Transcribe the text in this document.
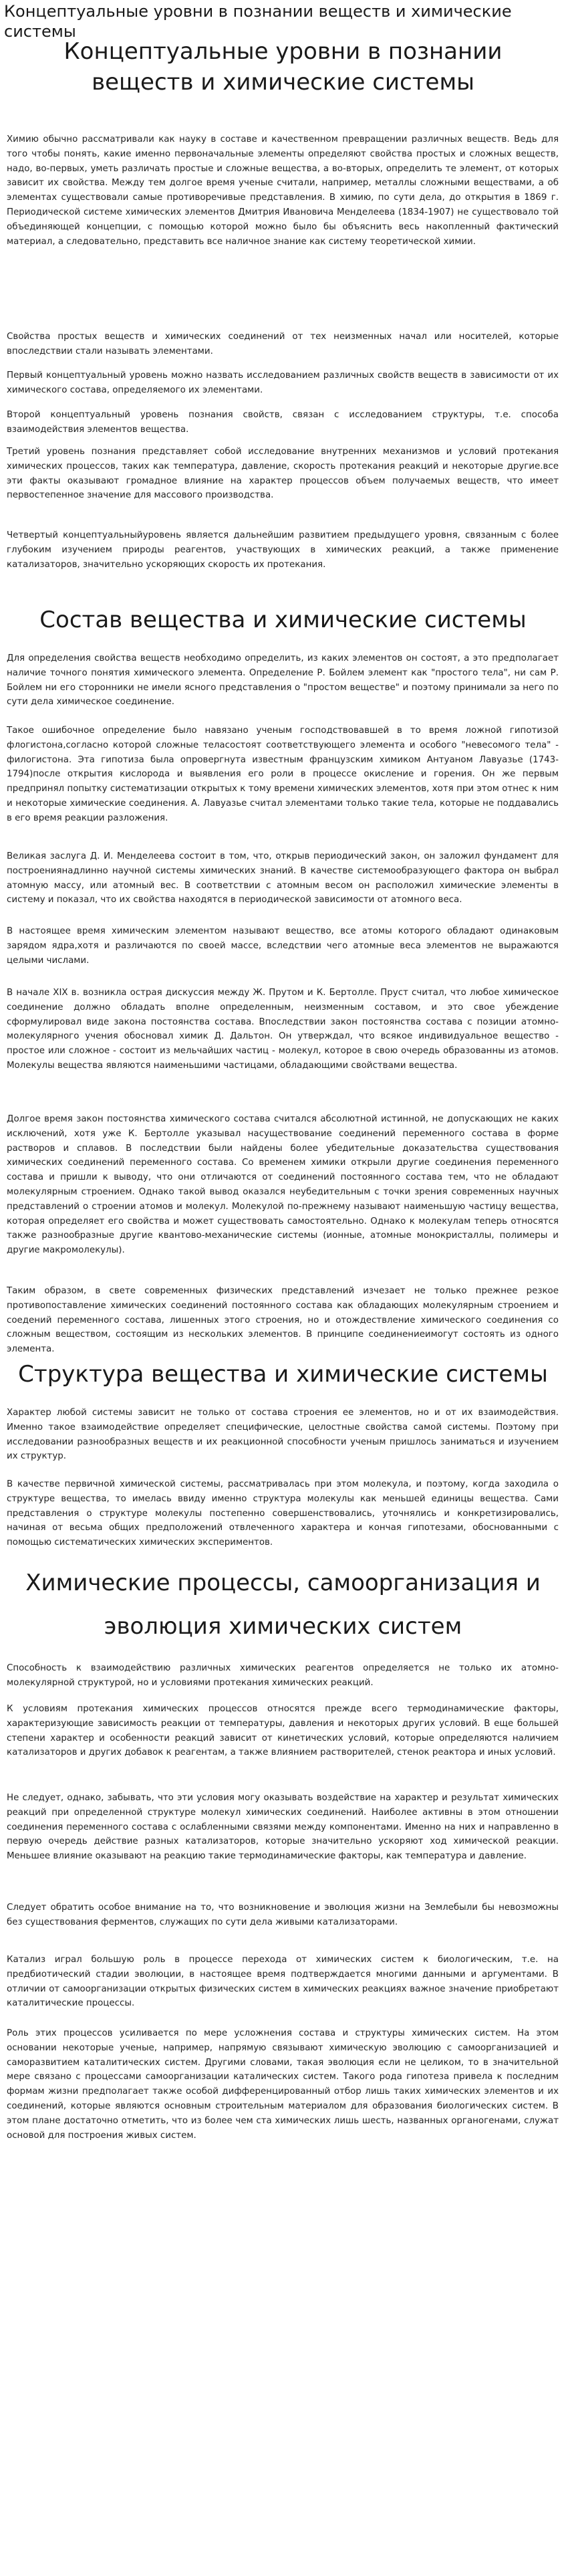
Концептуальные уровни в познании веществ и химические системы
Концептуальные уровни в познании
веществ и химические системы

Химию обычно рассматривали как науку в составе и качественном превращении различных веществ. Ведь для того чтобы понять, какие именно первоначальные элементы определяют свойства простых и сложных веществ, надо, во-первых, уметь различать простые и сложные вещества, а во-вторых, определить те элемент, от которых зависит их свойства. Между тем долгое время ученые считали, например, металлы сложными веществами, а об элементах существовали самые противоречивые представления. В химию, по сути дела, до открытия в 1869 г. Периодической системе химических элементов Дмитрия Ивановича Менделеева (1834-1907) не существовало той объединяющей концепции, с помощью которой можно было бы объяснить весь накопленный фактический материал, а следовательно, представить все наличное знание как систему теоретической химии.

Свойства простых веществ и химических соединений от тех неизменных начал или носителей, которые впоследствии стали называть элементами.

Первый концептуальный уровень можно назвать исследованием различных свойств веществ в зависимости от их химического состава, определяемого их элементами.

Второй концептуальный уровень познания свойств, связан с исследованием структуры, т.е. способа взаимодействия элементов вещества.

Третий уровень познания представляет собой исследование внутренних механизмов и условий протекания химических процессов, таких как температура, давление, скорость протекания реакций и некоторые другие.все эти факты оказывают громадное влияние на характер процессов объем получаемых веществ, что имеет первостепенное значение для массового производства.

Четвертый концептуальныйуровень является дальнейшим развитием предыдущего уровня, связанным с более глубоким изучением природы реагентов, участвующих в химических реакций, а также применение катализаторов, значительно ускоряющих скорость их протекания.

Состав вещества и химические системы

Для определения свойства веществ необходимо определить, из каких элементов он состоят, а это предполагает наличие точного понятия химического элемента. Определение Р. Бойлем элемент как "простого тела", ни сам Р. Бойлем ни его сторонники не имели ясного представления о "простом веществе" и поэтому принимали за него по сути дела химическое соединение.

Такое ошибочное определение было навязано ученым господствовавшей в то время ложной гипотизой флогистона,согласно которой сложные телаcостоят соответствующего элемента и особого "невесомого тела" - филогистона. Эта гипотиза была опровергнута известным французским химиком Антуаном Лавуазье (1743-1794)после открытия кислорода и выявления его роли в процессе окисление и горения. Он же первым предпринял попытку систематизации открытых к тому времени химических элементов, хотя при этом отнес к ним и некоторые химические соединения. А. Лавуазье считал элементами только такие тела, которые не поддавались в его время реакции разложения.

Великая заслуга Д. И. Менделеева состоит в том, что, открыв периодический закон, он заложил фундамент для построениянадлинно научной системы химических знаний. В качестве системообразующего фактора он выбрал атомную массу, или атомный вес. В соответствии с атомным весом он расположил химические элементы в систему и показал, что их свойства находятся в периодической зависимости от атомного веса.

В настоящее время химическим элементом называют вещество, все атомы которого обладают одинаковым зарядом ядра,хотя и различаются по своей массе, вследствии чего атомные веса элементов не выражаются целыми числами.

В начале XIX в. возникла острая дискуссия между Ж. Прутом и К. Бертолле. Пруст считал, что любое химическое соединение должно обладать вполне определенным, неизменным составом, и это свое убеждение сформулировал виде закона постоянства состава. Впоследствии закон постоянства состава с позиции атомно-молекулярного учения обосновал химик Д. Дальтон. Он утверждал, что всякое индивидуальное вещество - простое или сложное - состоит из мельчайших частиц - молекул, которое в свою очередь образованны из атомов. Молекулы вещества являются наименьшими частицами, обладающими свойствами вещества.

Долгое время закон постоянства химического состава считался абсолютной истинной, не допускающих не каких исключений, хотя уже К. Бертолле указывал насуществование соединений переменного состава в форме растворов и сплавов. В последствии были найдены более убедительные доказательства существования химических соединений переменного состава. Со временем химики открыли другие соединения переменного состава и пришли к выводу, что они отличаются от соединений постоянного состава тем, что не обладают молекулярным строением. Однако такой вывод оказался неубедительным с точки зрения современных научных представлений о строении атомов и молекул. Молекулой по-прежнему называют наименьшую частицу вещества, которая определяет его свойства и может существовать самостоятельно. Однако к молекулам теперь относятся также разнообразные другие квантово-механические системы (ионные, атомные монокристаллы, полимеры и другие макромолекулы).

Таким образом, в свете современных физических представлений изчезает не только прежнее резкое противопоставление химических соединений постоянного состава как обладающих молекулярным строением и соедений переменного состава, лишенных этого строения, но и отождествление химического соединения со сложным веществом, состоящим из нескольких элементов. В принципе соединениеимогут состоять из одного элемента.

Структура вещества и химические системы

Характер любой системы зависит не только от состава строения ее элементов, но и от их взаимодействия. Именно такое взаимодействие определяет специфические, целостные свойства самой системы. Поэтому при исследовании разнообразных веществ и их реакционной способности ученым пришлось заниматься и изучением их структур.

В качестве первичной химической системы, рассматривалась при этом молекула, и поэтому, когда заходила о структуре вещества, то имелась ввиду именно структура молекулы как меньшей единицы вещества. Сами представления о структуре молекулы постепенно совершенствовались, уточнялись и конкретизировались, начиная от весьма общих предположений отвлеченного характера и кончая гипотезами, обоснованными с помощью систематических химических экспериментов.

Химические процессы, самоорганизация и
эволюция химических систем

Способность к взаимодействию различных химических реагентов определяется не только их атомно-молекулярной структурой, но и условиями протекания химических реакций.

К условиям протекания химических процессов относятся прежде всего термодинамические факторы, характеризующие зависимость реакции от температуры, давления и некоторых других условий. В еще большей степени характер и особенности реакций зависит от кинетических условий, которые определяются наличием катализаторов и других добавок к реагентам, а также влиянием растворителей, стенок реактора и иных условий.

Не следует, однако, забывать, что эти условия могу оказывать воздействие на характер и результат химических реакций при определенной структуре молекул химических соединений. Наиболее активны в этом отношении соединения переменного состава с ослабленными связями между компонентами. Именно на них и направленно в первую очередь действие разных катализаторов, которые значительно ускоряют ход химической реакции. Меньшее влияние оказывают на реакцию такие термодинамические факторы, как температура и давление.

Следует обратить особое внимание на то, что возникновение и эволюция жизни на Землебыли бы невозможны без существования ферментов, служащих по сути дела живыми катализаторами.

Катализ играл большую роль в процессе перехода от химических систем к биологическим, т.е. на предбиотический стадии эволюции, в настоящее время подтверждается многими данными и аргументами. В отличии от самоорганизации открытых физических систем в химических реакциях важное значение приобретают каталитические процессы.

Роль этих процессов усиливается по мере усложнения состава и структуры химических систем. На этом основании некоторые ученые, например, напрямую связывают химическую эволюцию с самоорганизацией и саморазвитием каталитических систем. Другими словами, такая эволюция если не целиком, то в значительной мере связано с процессами самоорганизации каталических систем. Такого рода гипотеза привела к последним формам жизни предполагает также особой дифференцированный отбор лишь таких химических элементов и их соединений, которые являются основным строительным материалом для образования биологических систем. В этом плане достаточно отметить, что из более чем ста химических лишь шесть, названных органогенами, служат основой для построения живых систем.
